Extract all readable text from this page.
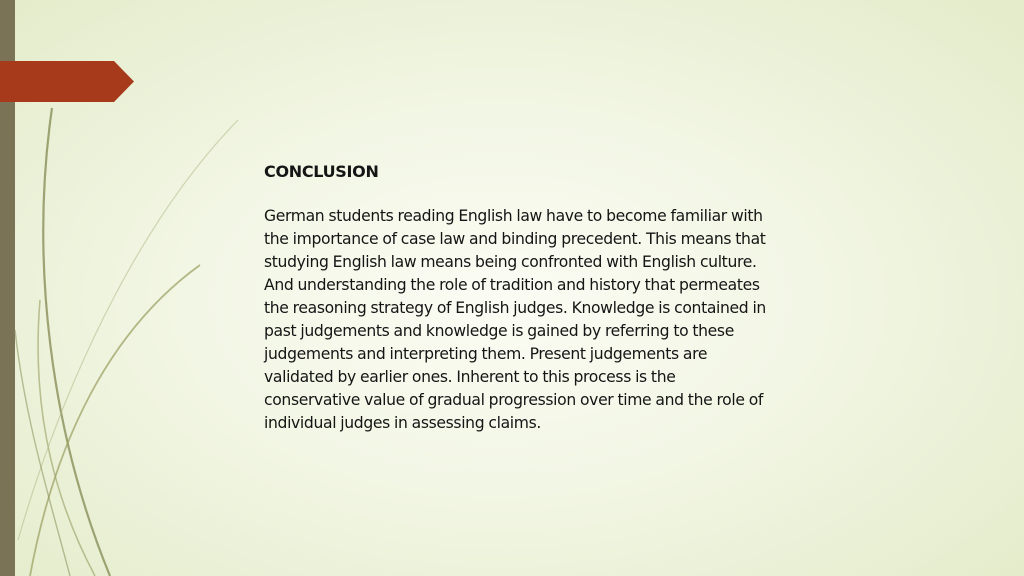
CONCLUSION

German students reading English law have to become familiar with the importance of case law and binding precedent. This means that studying English law means being confronted with English culture. And understanding the role of tradition and history that permeates the reasoning strategy of English judges. Knowledge is contained in past judgements and knowledge is gained by referring to these judgements and interpreting them. Present judgements are validated by earlier ones. Inherent to this process is the conservative value of gradual progression over time and the role of individual judges in assessing claims.
